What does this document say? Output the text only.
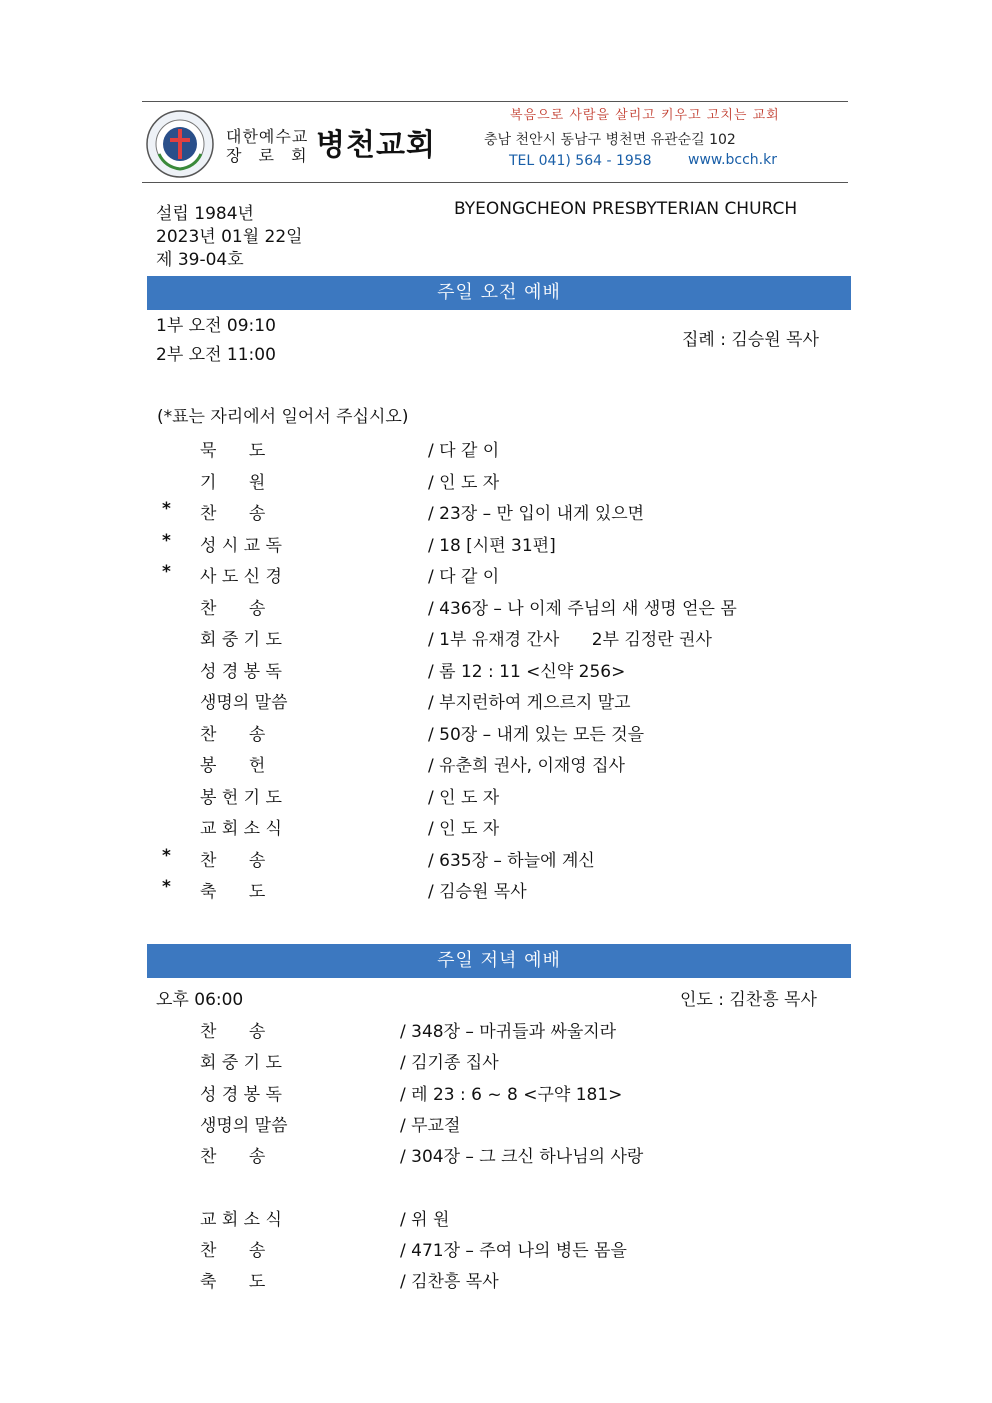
대한예수교
장 로 회 병천교회
복음으로 사람을 살리고 키우고 고치는 교회
충남 천안시 동남구 병천면 유관순길 102
TEL 041) 564 - 1958	www.bcch.kr
설립 1984년
2023년 01월 22일
제 39-04호
BYEONGCHEON PRESBYTERIAN CHURCH
주일 오전 예배
1부 오전 09:10
2부 오전 11:00
집례 : 김승원 목사
(*표는 자리에서 일어서 주십시오)
묵      도	/ 다 같 이
기      원	/ 인 도 자
* 찬      송	/ 23장 – 만 입이 내게 있으면
* 성 시 교 독	/ 18 [시편 31편]
* 사 도 신 경	/ 다 같 이
찬      송	/ 436장 – 나 이제 주님의 새 생명 얻은 몸
회 중 기 도	/ 1부 유재경 간사      2부 김정란 권사
성 경 봉 독	/ 롬 12 : 11 <신약 256>
생명의 말씀	/ 부지런하여 게으르지 말고
찬      송	/ 50장 – 내게 있는 모든 것을
봉      헌	/ 유춘희 권사, 이재영 집사
봉 헌 기 도	/ 인 도 자
교 회 소 식	/ 인 도 자
* 찬      송	/ 635장 – 하늘에 계신
* 축      도	/ 김승원 목사
주일 저녁 예배
오후 06:00	인도 : 김찬흥 목사
찬      송	/ 348장 – 마귀들과 싸울지라
회 중 기 도	/ 김기종 집사
성 경 봉 독	/ 레 23 : 6 ~ 8 <구약 181>
생명의 말씀	/ 무교절
찬      송	/ 304장 – 그 크신 하나님의 사랑
교 회 소 식	/ 위 원
찬      송	/ 471장 – 주여 나의 병든 몸을
축      도	/ 김찬흥 목사
